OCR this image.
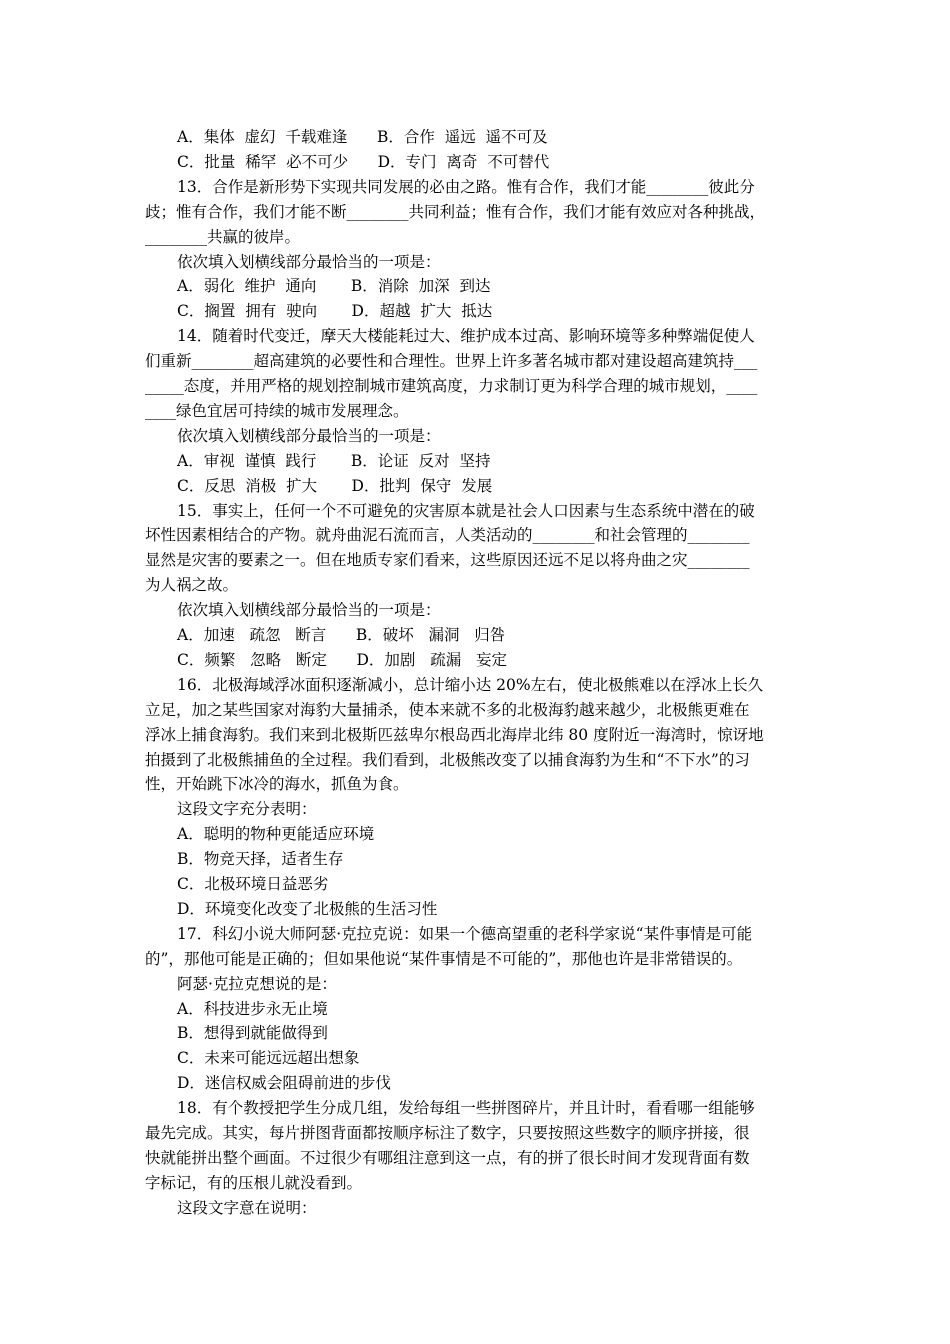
A．集体  虚幻  千载难逢      B．合作  遥远  遥不可及
C．批量  稀罕  必不可少      D．专门  离奇  不可替代
13．合作是新形势下实现共同发展的必由之路。惟有合作，我们才能________彼此分
歧；惟有合作，我们才能不断________共同利益；惟有合作，我们才能有效应对各种挑战，
________共赢的彼岸。
依次填入划横线部分最恰当的一项是：
A．弱化  维护  通向       B．消除  加深  到达
C．搁置  拥有  驶向       D．超越  扩大  抵达
14．随着时代变迁，摩天大楼能耗过大、维护成本过高、影响环境等多种弊端促使人
们重新________超高建筑的必要性和合理性。世界上许多著名城市都对建设超高建筑持___
_____态度，并用严格的规划控制城市建筑高度，力求制订更为科学合理的城市规划，____
____绿色宜居可持续的城市发展理念。
依次填入划横线部分最恰当的一项是：
A．审视  谨慎  践行       B．论证  反对  坚持
C．反思  消极  扩大       D．批判  保守  发展
15．事实上，任何一个不可避免的灾害原本就是社会人口因素与生态系统中潜在的破
坏性因素相结合的产物。就舟曲泥石流而言，人类活动的________和社会管理的________
显然是灾害的要素之一。但在地质专家们看来，这些原因还远不足以将舟曲之灾________
为人祸之故。
依次填入划横线部分最恰当的一项是：
A．加速   疏忽   断言      B．破坏   漏洞   归咎
C．频繁   忽略   断定      D．加剧   疏漏   妄定
16．北极海域浮冰面积逐渐减小，总计缩小达 20%左右，使北极熊难以在浮冰上长久
立足，加之某些国家对海豹大量捕杀，使本来就不多的北极海豹越来越少，北极熊更难在
浮冰上捕食海豹。我们来到北极斯匹兹卑尔根岛西北海岸北纬 80 度附近一海湾时，惊讶地
拍摄到了北极熊捕鱼的全过程。我们看到，北极熊改变了以捕食海豹为生和“不下水”的习
性，开始跳下冰冷的海水，抓鱼为食。
这段文字充分表明：
A．聪明的物种更能适应环境
B．物竞天择，适者生存
C．北极环境日益恶劣
D．环境变化改变了北极熊的生活习性
17．科幻小说大师阿瑟·克拉克说：如果一个德高望重的老科学家说“某件事情是可能
的”，那他可能是正确的；但如果他说“某件事情是不可能的”，那他也许是非常错误的。
阿瑟·克拉克想说的是：
A．科技进步永无止境
B．想得到就能做得到
C．未来可能远远超出想象
D．迷信权威会阻碍前进的步伐
18．有个教授把学生分成几组，发给每组一些拼图碎片，并且计时，看看哪一组能够
最先完成。其实，每片拼图背面都按顺序标注了数字，只要按照这些数字的顺序拼接，很
快就能拼出整个画面。不过很少有哪组注意到这一点，有的拼了很长时间才发现背面有数
字标记，有的压根儿就没看到。
这段文字意在说明：
